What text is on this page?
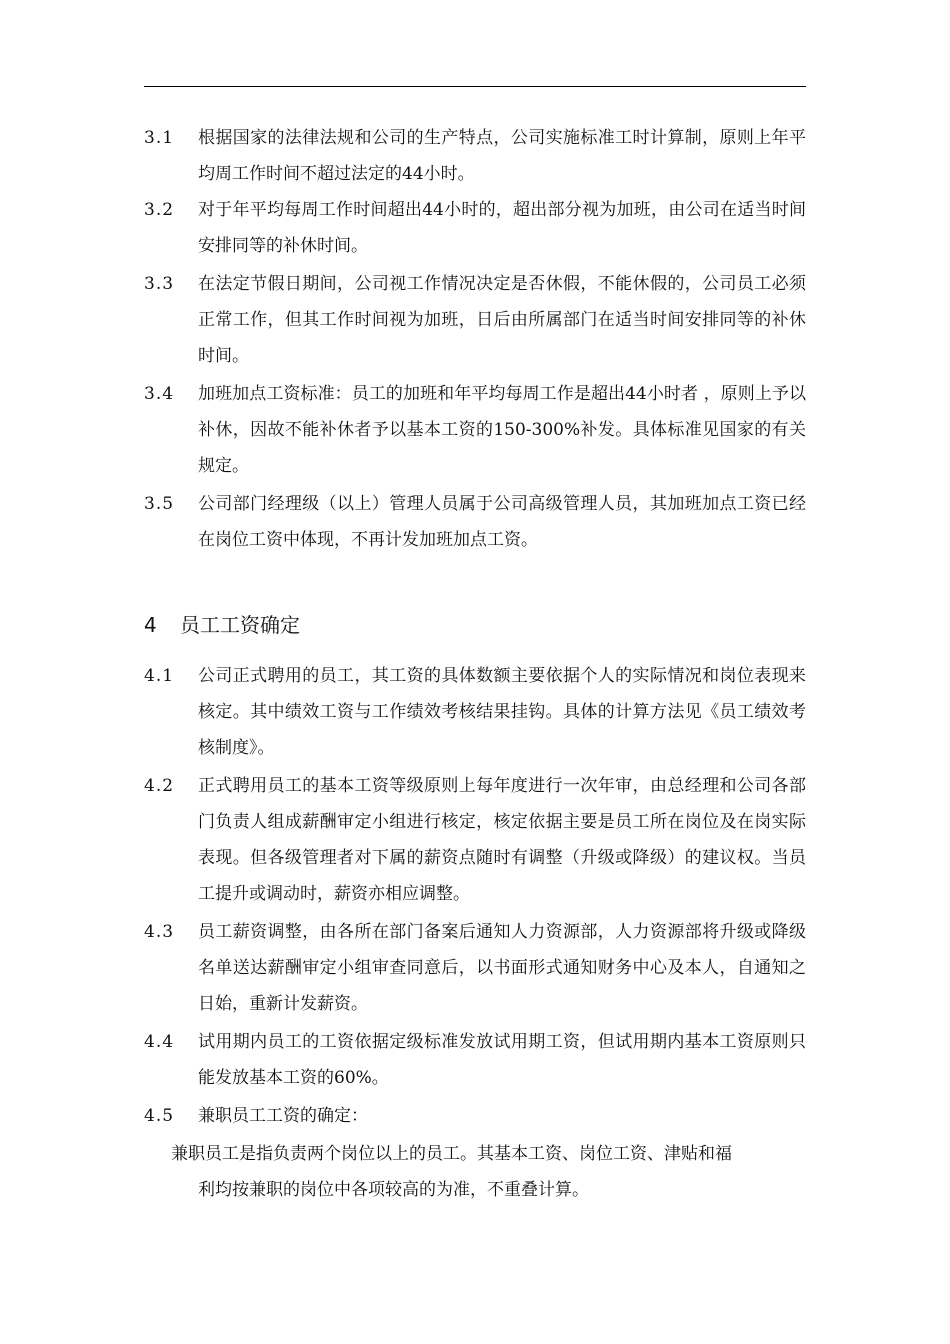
3.1	根据国家的法律法规和公司的生产特点，公司实施标准工时计算制，原则上年平均周工作时间不超过法定的44小时。
3.2	对于年平均每周工作时间超出44小时的，超出部分视为加班，由公司在适当时间安排同等的补休时间。
3.3	在法定节假日期间，公司视工作情况决定是否休假，不能休假的，公司员工必须正常工作，但其工作时间视为加班，日后由所属部门在适当时间安排同等的补休时间。
3.4	加班加点工资标准：员工的加班和年平均每周工作是超出44小时者 ，原则上予以补休，因故不能补休者予以基本工资的150-300%补发。具体标准见国家的有关规定。
3.5	公司部门经理级（以上）管理人员属于公司高级管理人员，其加班加点工资已经在岗位工资中体现，不再计发加班加点工资。
4 员工工资确定
4.1	公司正式聘用的员工，其工资的具体数额主要依据个人的实际情况和岗位表现来核定。其中绩效工资与工作绩效考核结果挂钩。具体的计算方法见《员工绩效考核制度》。
4.2	正式聘用员工的基本工资等级原则上每年度进行一次年审，由总经理和公司各部门负责人组成薪酬审定小组进行核定，核定依据主要是员工所在岗位及在岗实际表现。但各级管理者对下属的薪资点随时有调整（升级或降级）的建议权。当员工提升或调动时，薪资亦相应调整。
4.3	员工薪资调整，由各所在部门备案后通知人力资源部，人力资源部将升级或降级名单送达薪酬审定小组审查同意后，以书面形式通知财务中心及本人，自通知之日始，重新计发薪资。
4.4	试用期内员工的工资依据定级标准发放试用期工资，但试用期内基本工资原则只能发放基本工资的60%。
4.5	兼职员工工资的确定：
兼职员工是指负责两个岗位以上的员工。其基本工资、岗位工资、津贴和福
利均按兼职的岗位中各项较高的为准，不重叠计算。
